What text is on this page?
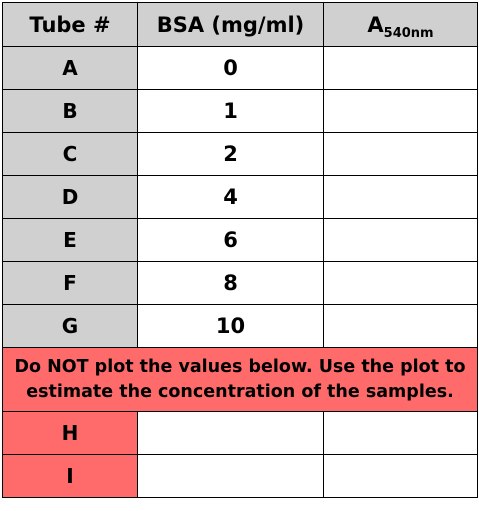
Tube #	BSA (mg/ml)	$A_{540nm}$
A	0	
B	1	
C	2	
D	4	
E	6	
F	8	
G	10	
Do NOT plot the values below. Use the plot to estimate the concentration of the samples.		
H		
I		
